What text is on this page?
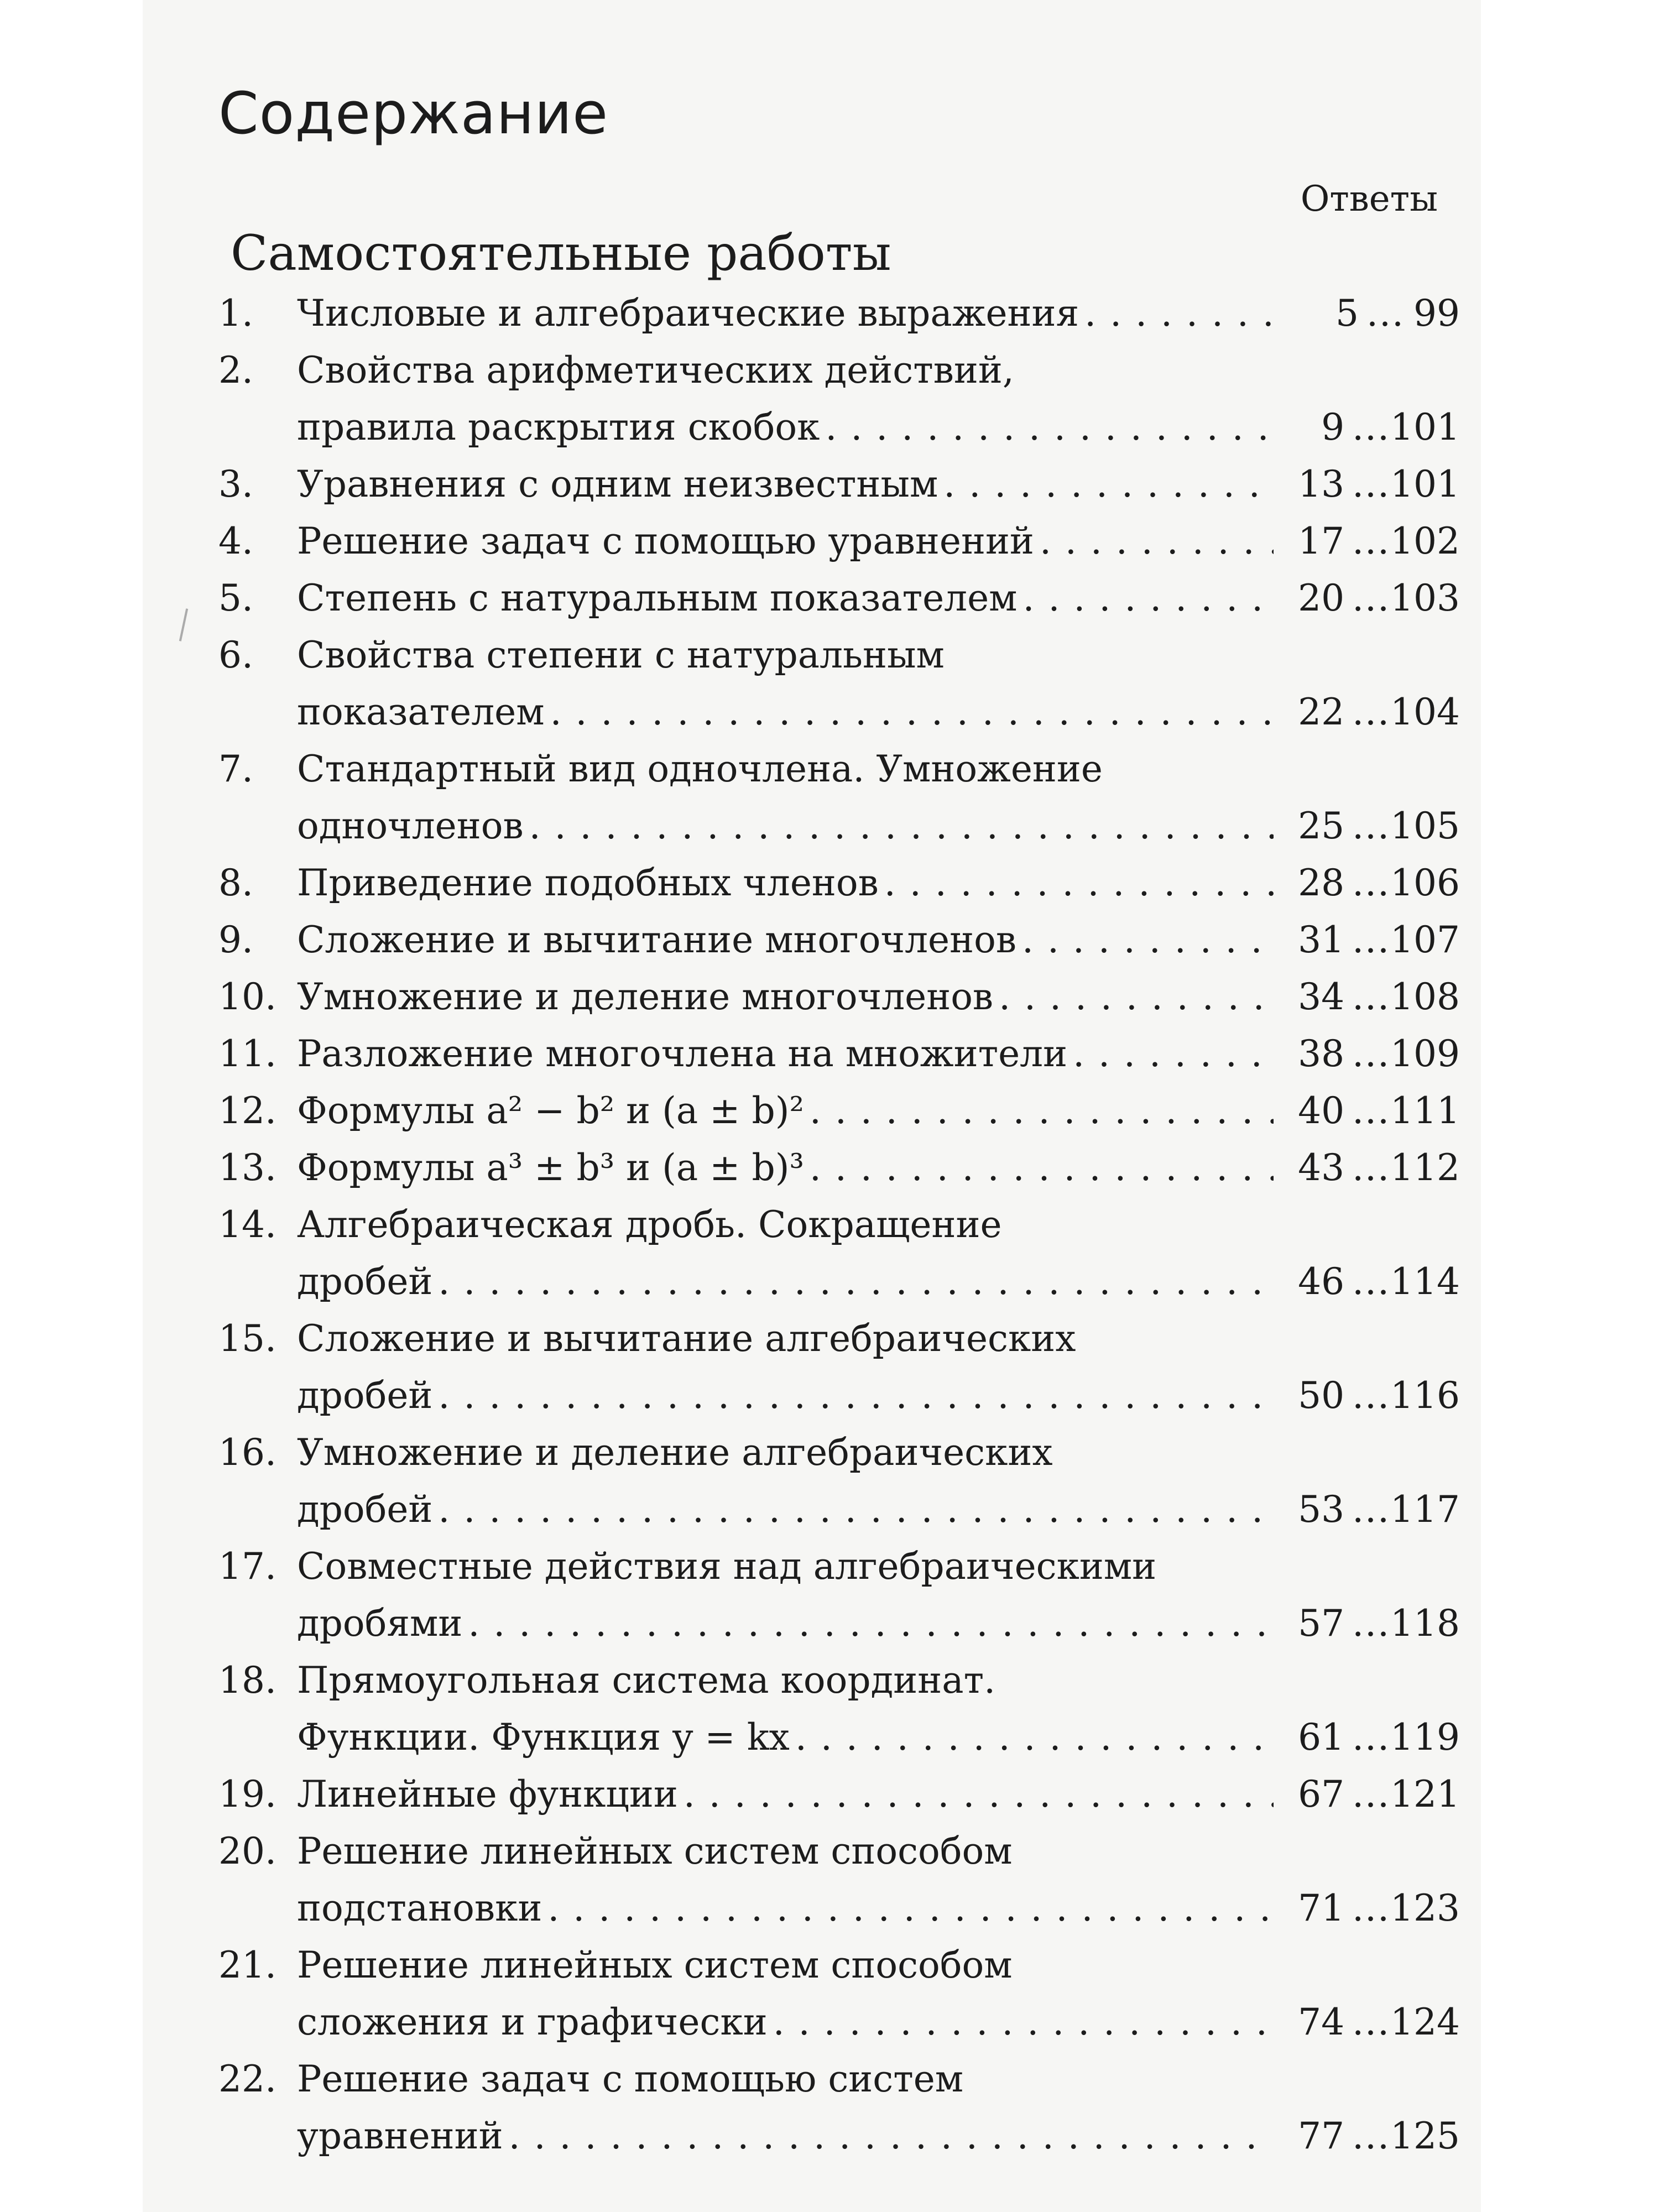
Содержание
Ответы
Самостоятельные работы
1.	Числовые и алгебраические выражения . . .	5 ... 99
2.	Свойства арифметических действий,
правила раскрытия скобок . . .	9 ... 101
3.	Уравнения с одним неизвестным . . .	13 ... 101
4.	Решение задач с помощью уравнений . . .	17 ... 102
5.	Степень с натуральным показателем . . .	20 ... 103
6.	Свойства степени с натуральным
показателем . . .	22 ... 104
7.	Стандартный вид одночлена. Умножение
одночленов . . .	25 ... 105
8.	Приведение подобных членов . . .	28 ... 106
9.	Сложение и вычитание многочленов . . .	31 ... 107
10. Умножение и деление многочленов . . .	34 ... 108
11. Разложение многочлена на множители . . .	38 ... 109
12. Формулы a² − b² и (a ± b)² . . .	40 ... 111
13. Формулы a³ ± b³ и (a ± b)³ . . .	43 ... 112
14. Алгебраическая дробь. Сокращение
дробей . . .	46 ... 114
15. Сложение и вычитание алгебраических
дробей . . .	50 ... 116
16. Умножение и деление алгебраических
дробей . . .	53 ... 117
17. Совместные действия над алгебраическими
дробями . . .	57 ... 118
18. Прямоугольная система координат.
Функции. Функция y = kx . . .	61 ... 119
19. Линейные функции . . .	67 ... 121
20. Решение линейных систем способом
подстановки . . .	71 ... 123
21. Решение линейных систем способом
сложения и графически . . .	74 ... 124
22. Решение задач с помощью систем
уравнений . . .	77 ... 125
